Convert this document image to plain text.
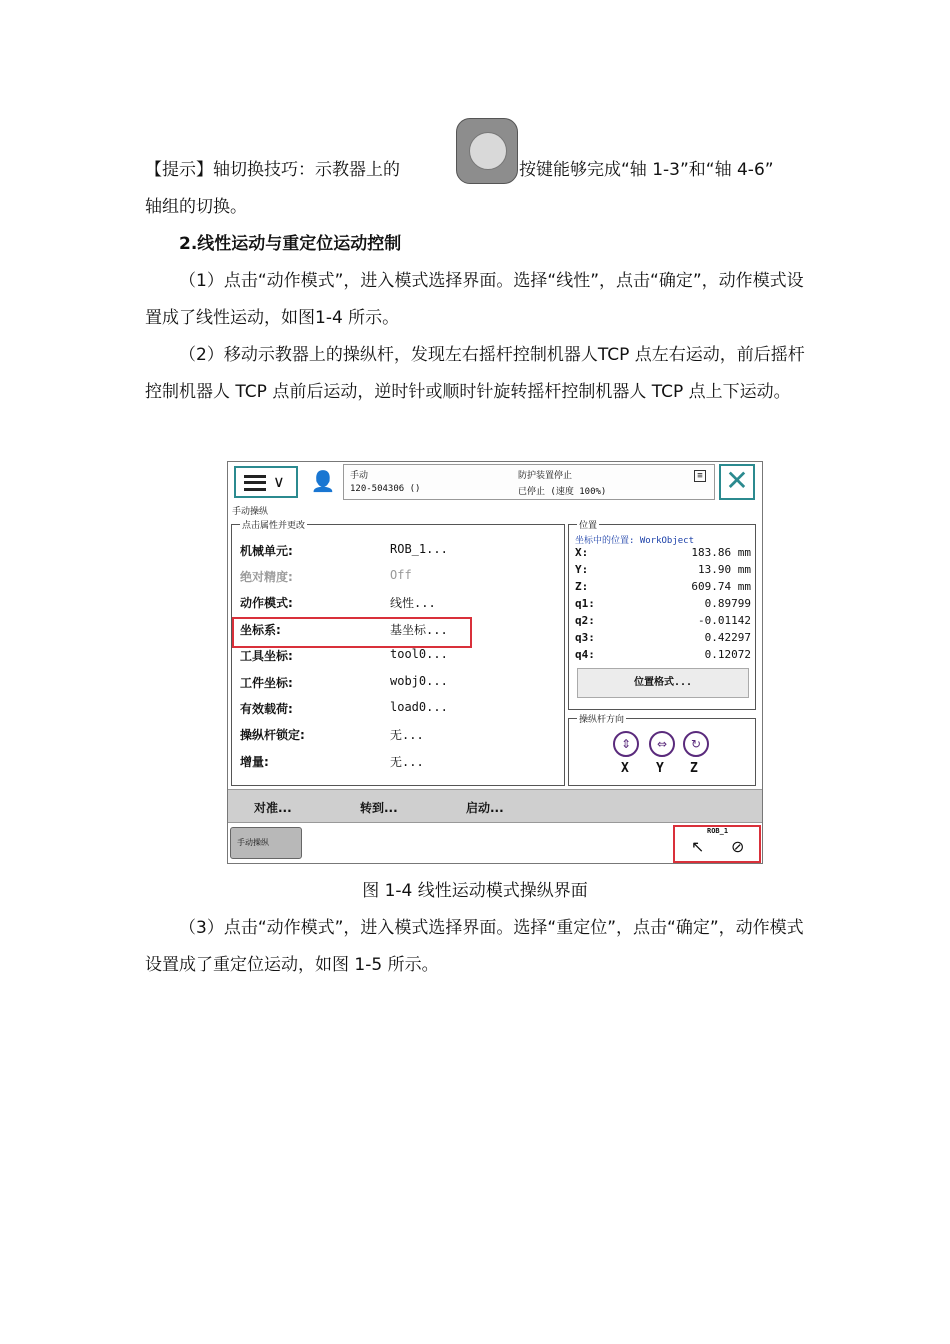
【提示】轴切换技巧：示教器上的	按键能够完成“轴 1-3”和“轴 4-6”
轴组的切换。
2.线性运动与重定位运动控制
（1）点击“动作模式”，进入模式选择界面。选择“线性”，点击“确定”，动作模式设置成了线性运动，如图1-4 所示。
（2）移动示教器上的操纵杆，发现左右摇杆控制机器人TCP 点左右运动，前后摇杆控制机器人 TCP 点前后运动，逆时针或顺时针旋转摇杆控制机器人 TCP 点上下运动。
∨ 👤 手动
120-504306 ()
防护装置停止
已停止 (速度 100%)
≡ ✕
手动操纵
点击属性并更改
机械单元:	ROB_1...
绝对精度:	Off
动作模式:	线性...
坐标系:	基坐标...
工具坐标:	tool0...
工件坐标:	wobj0...
有效载荷:	load0...
操纵杆锁定:	无...
增量:	无...
位置
坐标中的位置: WorkObject
X:	183.86 mm
Y:	13.90 mm
Z:	609.74 mm
q1:	0.89799
q2:	-0.01142
q3:	0.42297
q4:	0.12072
位置格式...
操纵杆方向
⇕	⇔	↻
X Y Z
对准...	转到...	启动...
手动操纵
ROB_1
↖ ⊘
图 1-4 线性运动模式操纵界面
（3）点击“动作模式”，进入模式选择界面。选择“重定位”，点击“确定”，动作模式设置成了重定位运动，如图 1-5 所示。
